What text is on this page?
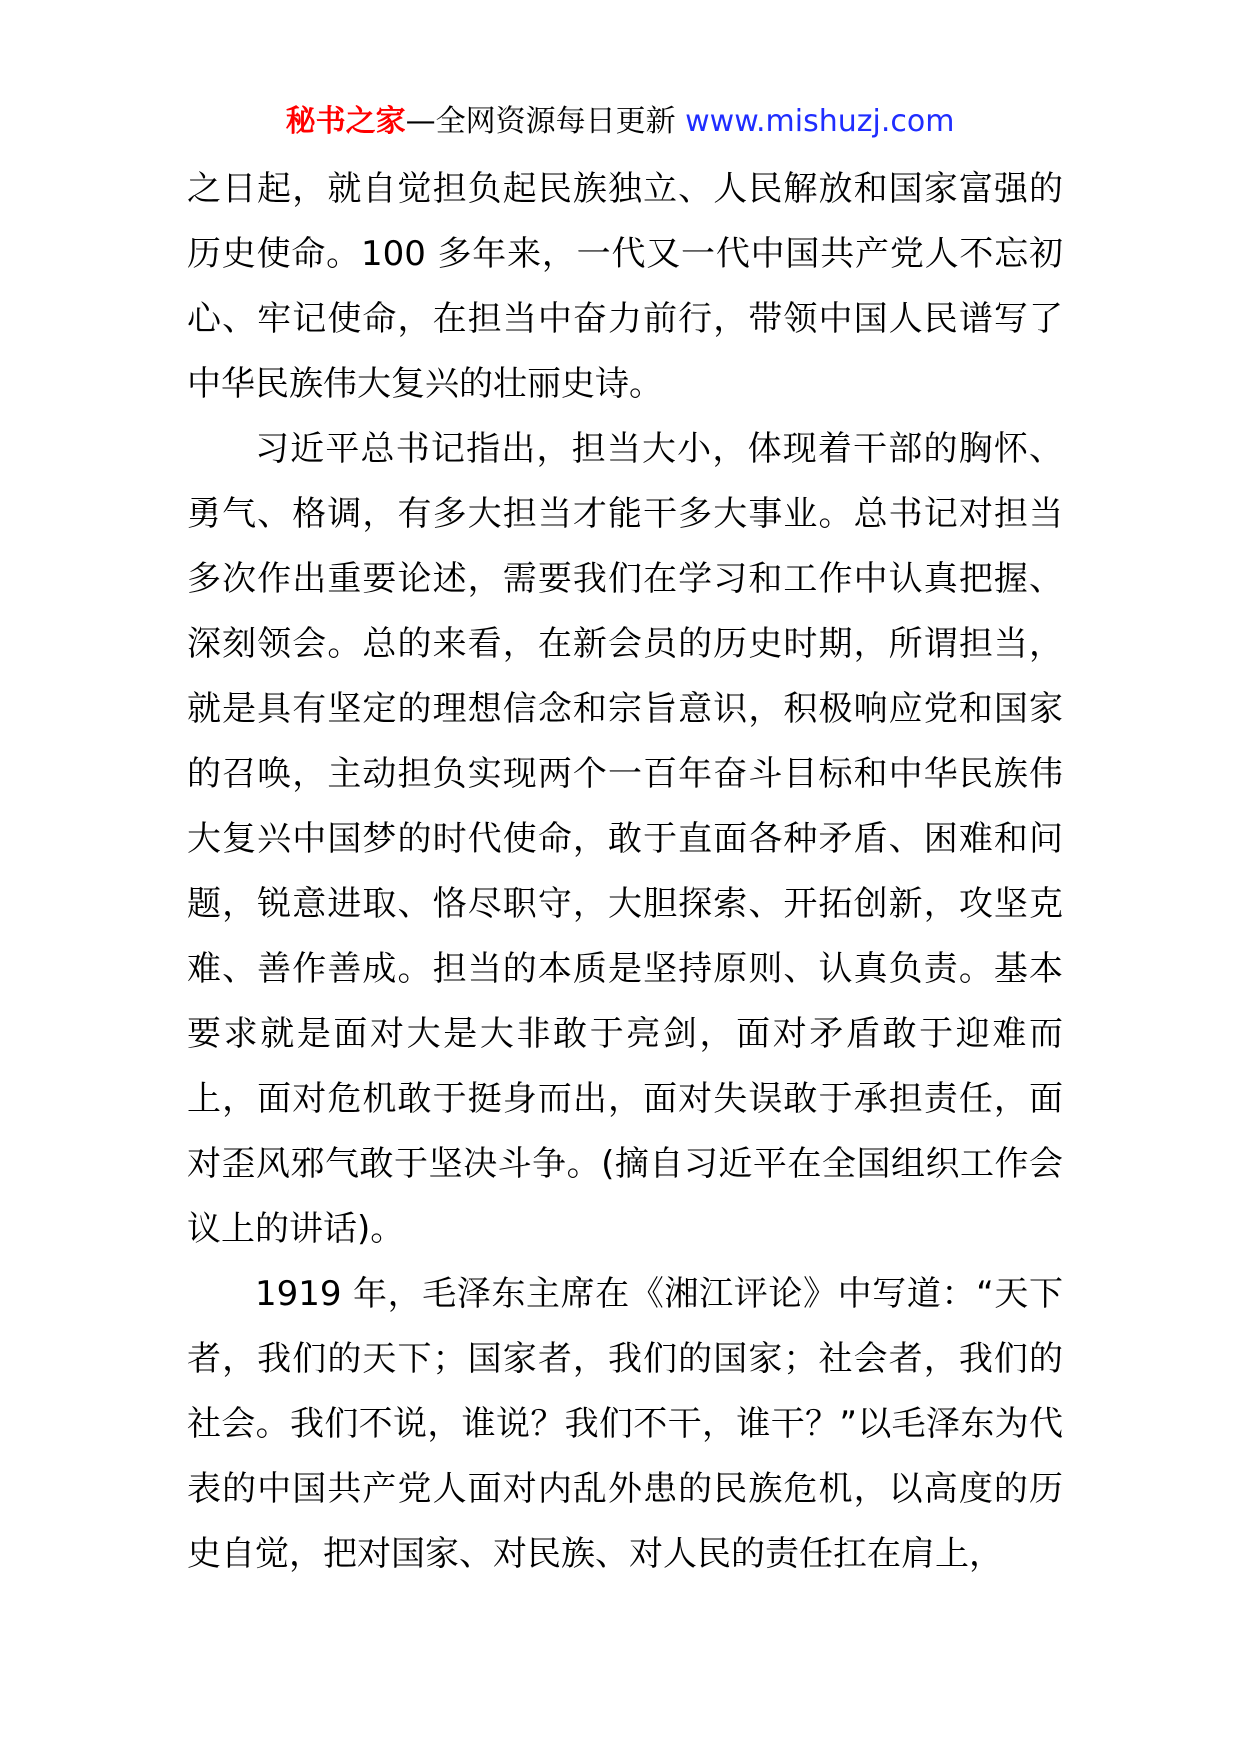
秘书之家—全网资源每日更新 www.mishuzj.com

之日起，就自觉担负起民族独立、人民解放和国家富强的历史使命。100 多年来，一代又一代中国共产党人不忘初心、牢记使命，在担当中奋力前行，带领中国人民谱写了中华民族伟大复兴的壮丽史诗。

习近平总书记指出，担当大小，体现着干部的胸怀、勇气、格调，有多大担当才能干多大事业。总书记对担当多次作出重要论述，需要我们在学习和工作中认真把握、深刻领会。总的来看，在新会员的历史时期，所谓担当，就是具有坚定的理想信念和宗旨意识，积极响应党和国家的召唤，主动担负实现两个一百年奋斗目标和中华民族伟大复兴中国梦的时代使命，敢于直面各种矛盾、困难和问题，锐意进取、恪尽职守，大胆探索、开拓创新，攻坚克难、善作善成。担当的本质是坚持原则、认真负责。基本要求就是面对大是大非敢于亮剑，面对矛盾敢于迎难而上，面对危机敢于挺身而出，面对失误敢于承担责任，面对歪风邪气敢于坚决斗争。(摘自习近平在全国组织工作会议上的讲话)。

1919 年，毛泽东主席在《湘江评论》中写道：“天下者，我们的天下；国家者，我们的国家；社会者，我们的社会。我们不说，谁说？我们不干，谁干？”以毛泽东为代表的中国共产党人面对内乱外患的民族危机，以高度的历史自觉，把对国家、对民族、对人民的责任扛在肩上，
